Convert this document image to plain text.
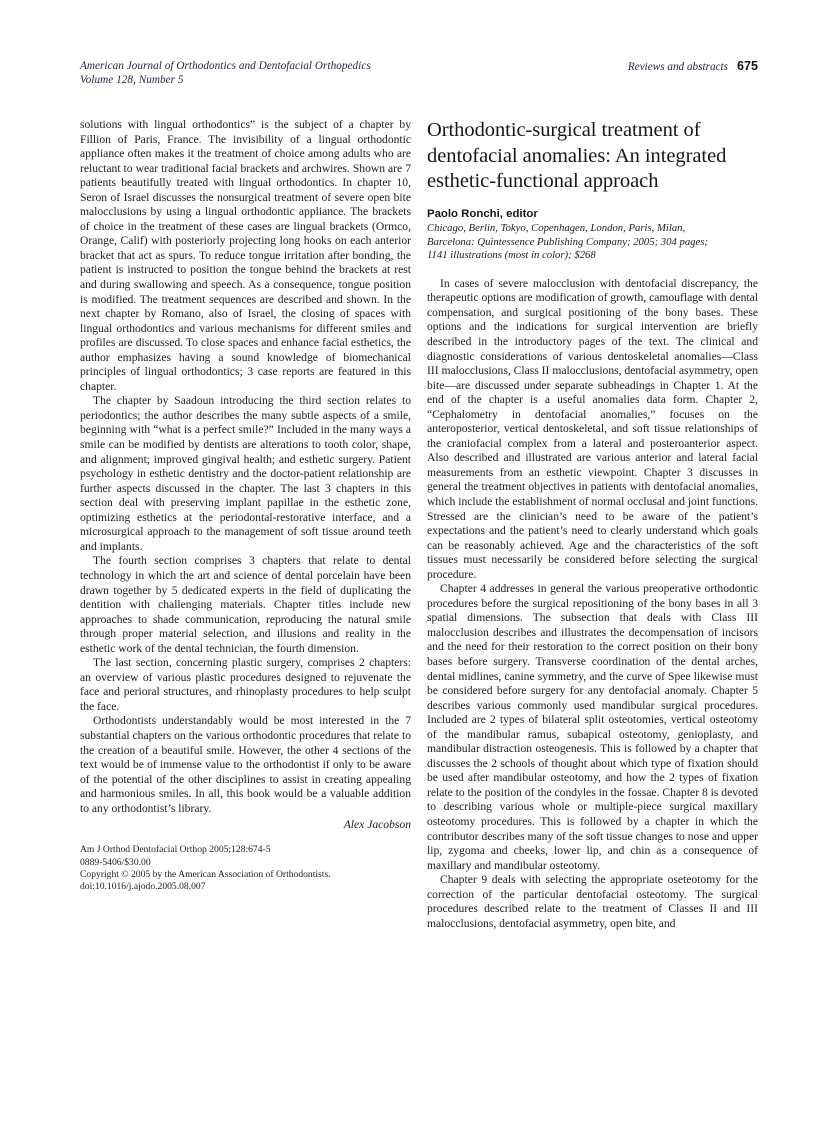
American Journal of Orthodontics and Dentofacial Orthopedics
Volume 128, Number 5
Reviews and abstracts 675

solutions with lingual orthodontics” is the subject of a chapter by Fillion of Paris, France. The invisibility of a lingual orthodontic appliance often makes it the treatment of choice among adults who are reluctant to wear traditional facial brackets and archwires. Shown are 7 patients beautifully treated with lingual orthodontics. In chapter 10, Seron of Israel discusses the nonsurgical treatment of severe open bite malocclusions by using a lingual orthodontic appliance. The brackets of choice in the treatment of these cases are lingual brackets (Ormco, Orange, Calif) with posteriorly projecting long hooks on each anterior bracket that act as spurs. To reduce tongue irritation after bonding, the patient is instructed to position the tongue behind the brackets at rest and during swallowing and speech. As a consequence, tongue position is modified. The treatment sequences are described and shown. In the next chapter by Romano, also of Israel, the closing of spaces with lingual orthodontics and various mechanisms for different smiles and profiles are discussed. To close spaces and enhance facial esthetics, the author emphasizes having a sound knowledge of biomechanical principles of lingual orthodontics; 3 case reports are featured in this chapter.

The chapter by Saadoun introducing the third section relates to periodontics; the author describes the many subtle aspects of a smile, beginning with “what is a perfect smile?” Included in the many ways a smile can be modified by dentists are alterations to tooth color, shape, and alignment; improved gingival health; and esthetic surgery. Patient psychology in esthetic dentistry and the doctor-patient relationship are further aspects discussed in the chapter. The last 3 chapters in this section deal with preserving implant papillae in the esthetic zone, optimizing esthetics at the periodontal-restorative interface, and a microsurgical approach to the management of soft tissue around teeth and implants.

The fourth section comprises 3 chapters that relate to dental technology in which the art and science of dental porcelain have been drawn together by 5 dedicated experts in the field of duplicating the dentition with challenging materials. Chapter titles include new approaches to shade communication, reproducing the natural smile through proper material selection, and illusions and reality in the esthetic work of the dental technician, the fourth dimension.

The last section, concerning plastic surgery, comprises 2 chapters: an overview of various plastic procedures designed to rejuvenate the face and perioral structures, and rhinoplasty procedures to help sculpt the face.

Orthodontists understandably would be most interested in the 7 substantial chapters on the various orthodontic procedures that relate to the creation of a beautiful smile. However, the other 4 sections of the text would be of immense value to the orthodontist if only to be aware of the potential of the other disciplines to assist in creating appealing and harmonious smiles. In all, this book would be a valuable addition to any orthodontist’s library.

Alex Jacobson
Am J Orthod Dentofacial Orthop 2005;128:674-5
0889-5406/$30.00
Copyright © 2005 by the American Association of Orthodontists.
doi:10.1016/j.ajodo.2005.08.007
Orthodontic-surgical treatment of
dentofacial anomalies: An integrated
esthetic-functional approach
Paolo Ronchi, editor
Chicago, Berlin, Tokyo, Copenhagen, London, Paris, Milan,
Barcelona: Quintessence Publishing Company; 2005; 304 pages;
1141 illustrations (most in color); $268

In cases of severe malocclusion with dentofacial discrepancy, the therapeutic options are modification of growth, camouflage with dental compensation, and surgical positioning of the bony bases. These options and the indications for surgical intervention are briefly described in the introductory pages of the text. The clinical and diagnostic considerations of various dentoskeletal anomalies—Class III malocclusions, Class II malocclusions, dentofacial asymmetry, open bite—are discussed under separate subheadings in Chapter 1. At the end of the chapter is a useful anomalies data form. Chapter 2, “Cephalometry in dentofacial anomalies,” focuses on the anteroposterior, vertical dentoskeletal, and soft tissue relationships of the craniofacial complex from a lateral and posteroanterior aspect. Also described and illustrated are various anterior and lateral facial measurements from an esthetic viewpoint. Chapter 3 discusses in general the treatment objectives in patients with dentofacial anomalies, which include the establishment of normal occlusal and joint functions. Stressed are the clinician’s need to be aware of the patient’s expectations and the patient’s need to clearly understand which goals can be reasonably achieved. Age and the characteristics of the soft tissues must necessarily be considered before selecting the surgical procedure.

Chapter 4 addresses in general the various preoperative orthodontic procedures before the surgical repositioning of the bony bases in all 3 spatial dimensions. The subsection that deals with Class III malocclusion describes and illustrates the decompensation of incisors and the need for their restoration to the correct position on their bony bases before surgery. Transverse coordination of the dental arches, dental midlines, canine symmetry, and the curve of Spee likewise must be considered before surgery for any dentofacial anomaly. Chapter 5 describes various commonly used mandibular surgical procedures. Included are 2 types of bilateral split osteotomies, vertical osteotomy of the mandibular ramus, subapical osteotomy, genioplasty, and mandibular distraction osteogenesis. This is followed by a chapter that discusses the 2 schools of thought about which type of fixation should be used after mandibular osteotomy, and how the 2 types of fixation relate to the position of the condyles in the fossae. Chapter 8 is devoted to describing various whole or multiple-piece surgical maxillary osteotomy procedures. This is followed by a chapter in which the contributor describes many of the soft tissue changes to nose and upper lip, zygoma and cheeks, lower lip, and chin as a consequence of maxillary and mandibular osteotomy.

Chapter 9 deals with selecting the appropriate oseteotomy for the correction of the particular dentofacial osteotomy. The surgical procedures described relate to the treatment of Classes II and III malocclusions, dentofacial asymmetry, open bite, and
